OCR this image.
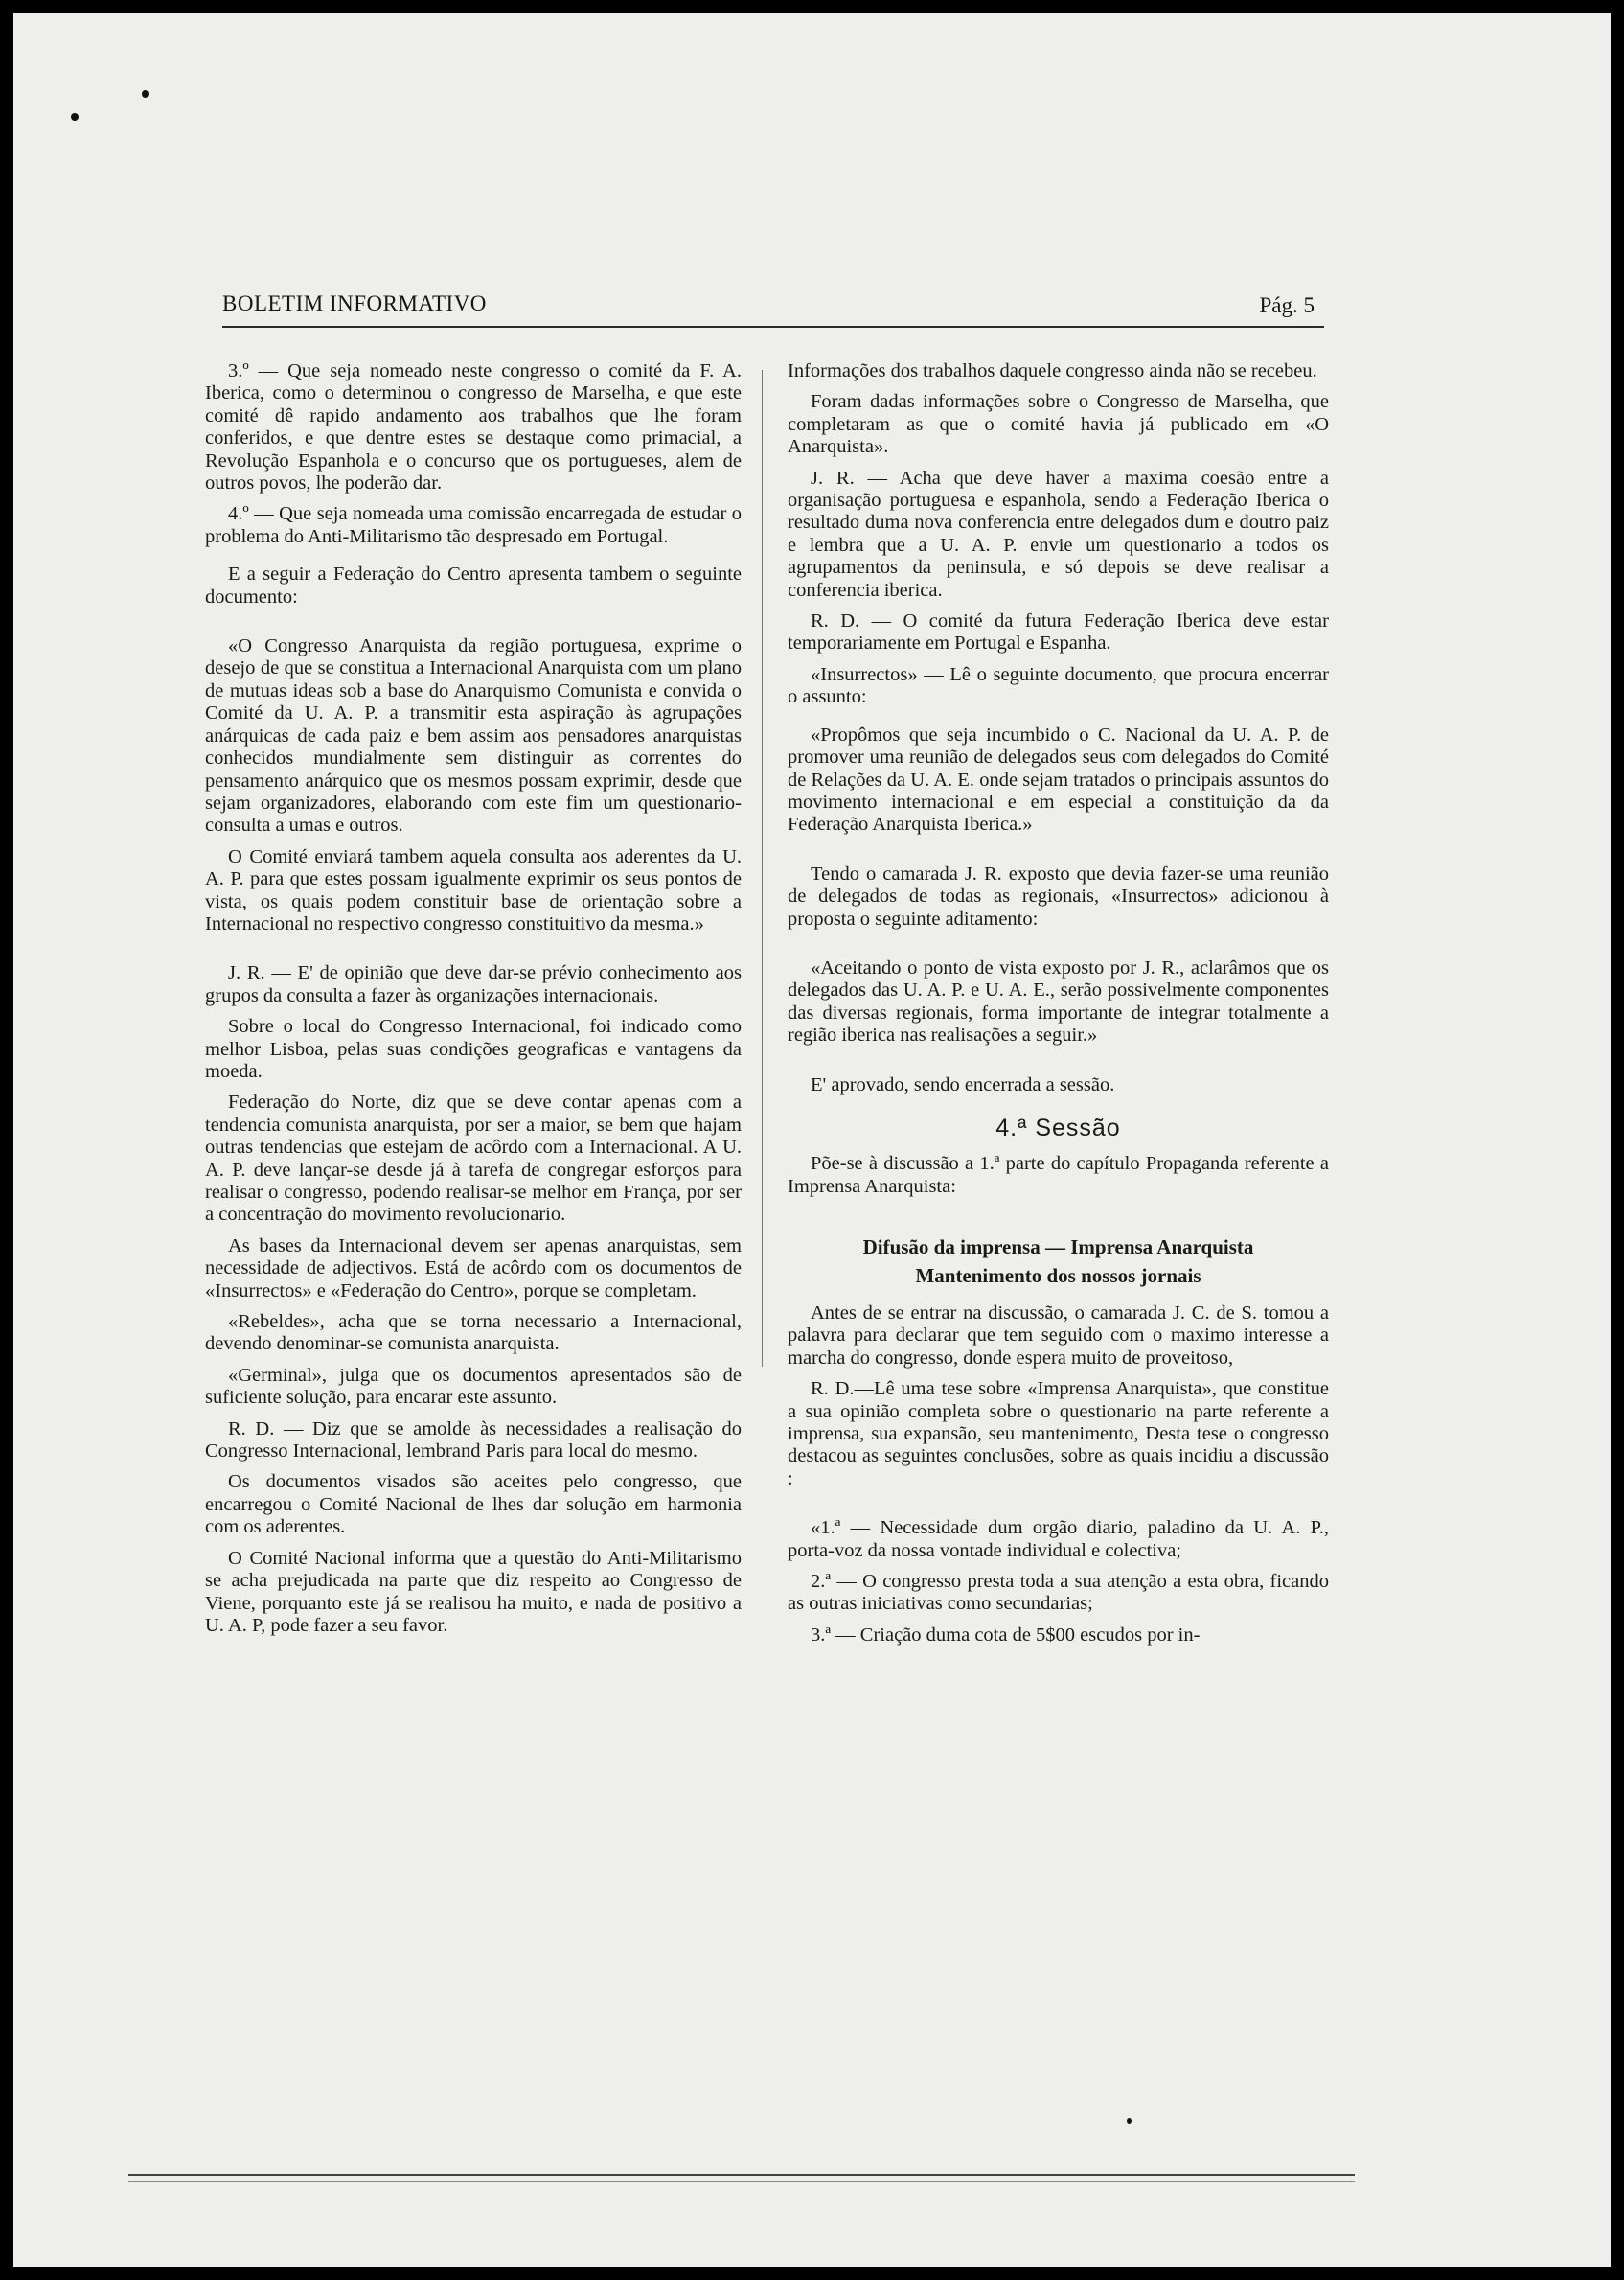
BOLETIM INFORMATIVO	Pág. 5

3.º — Que seja nomeado neste congresso o comité da F. A. Iberica, como o determinou o congresso de Marselha, e que este comité dê rapido andamento aos trabalhos que lhe foram conferidos, e que dentre estes se destaque como primacial, a Revolução Espanhola e o concurso que os portugueses, alem de outros povos, lhe poderão dar.

4.º — Que seja nomeada uma comissão encarregada de estudar o problema do Anti-Militarismo tão despresado em Portugal.

E a seguir a Federação do Centro apresenta tambem o seguinte documento:

«O Congresso Anarquista da região portuguesa, exprime o desejo de que se constitua a Internacional Anarquista com um plano de mutuas ideas sob a base do Anarquismo Comunista e convida o Comité da U. A. P. a transmitir esta aspiração às agrupações anárquicas de cada paiz e bem assim aos pensadores anarquistas conhecidos mundialmente sem distinguir as correntes do pensamento anárquico que os mesmos possam exprimir, desde que sejam organizadores, elaborando com este fim um questionario-consulta a umas e outros.

O Comité enviará tambem aquela consulta aos aderentes da U. A. P. para que estes possam igualmente exprimir os seus pontos de vista, os quais podem constituir base de orientação sobre a Internacional no respectivo congresso constituitivo da mesma.»

J. R. — E' de opinião que deve dar-se prévio conhecimento aos grupos da consulta a fazer às organizações internacionais.

Sobre o local do Congresso Internacional, foi indicado como melhor Lisboa, pelas suas condições geograficas e vantagens da moeda.

Federação do Norte, diz que se deve contar apenas com a tendencia comunista anarquista, por ser a maior, se bem que hajam outras tendencias que estejam de acôrdo com a Internacional. A U. A. P. deve lançar-se desde já à tarefa de congregar esforços para realisar o congresso, podendo realisar-se melhor em França, por ser a concentração do movimento revolucionario.

As bases da Internacional devem ser apenas anarquistas, sem necessidade de adjectivos. Está de acôrdo com os documentos de «Insurrectos» e «Federação do Centro», porque se completam.

«Rebeldes», acha que se torna necessario a Internacional, devendo denominar-se comunista anarquista.

«Germinal», julga que os documentos apresentados são de suficiente solução, para encarar este assunto.

R. D. — Diz que se amolde às necessidades a realisação do Congresso Internacional, lembrand Paris para local do mesmo.

Os documentos visados são aceites pelo congresso, que encarregou o Comité Nacional de lhes dar solução em harmonia com os aderentes.

O Comité Nacional informa que a questão do Anti-Militarismo se acha prejudicada na parte que diz respeito ao Congresso de Viene, porquanto este já se realisou ha muito, e nada de positivo a U. A. P, pode fazer a seu favor.

Informações dos trabalhos daquele congresso ainda não se recebeu.

Foram dadas informações sobre o Congresso de Marselha, que completaram as que o comité havia já publicado em «O Anarquista».

J. R. — Acha que deve haver a maxima coesão entre a organisação portuguesa e espanhola, sendo a Federação Iberica o resultado duma nova conferencia entre delegados dum e doutro paiz e lembra que a U. A. P. envie um questionario a todos os agrupamentos da peninsula, e só depois se deve realisar a conferencia iberica.

R. D. — O comité da futura Federação Iberica deve estar temporariamente em Portugal e Espanha.

«Insurrectos» — Lê o seguinte documento, que procura encerrar o assunto:

«Propômos que seja incumbido o C. Nacional da U. A. P. de promover uma reunião de delegados seus com delegados do Comité de Relações da U. A. E. onde sejam tratados o principais assuntos do movimento internacional e em especial a constituição da da Federação Anarquista Iberica.»

Tendo o camarada J. R. exposto que devia fazer-se uma reunião de delegados de todas as regionais, «Insurrectos» adicionou à proposta o seguinte aditamento:

«Aceitando o ponto de vista exposto por J. R., aclarâmos que os delegados das U. A. P. e U. A. E., serão possivelmente componentes das diversas regionais, forma importante de integrar totalmente a região iberica nas realisações a seguir.»

E' aprovado, sendo encerrada a sessão.

4.ª Sessão

Põe-se à discussão a 1.ª parte do capítulo Propaganda referente a Imprensa Anarquista:

Difusão da imprensa — Imprensa Anarquista
Mantenimento dos nossos jornais

Antes de se entrar na discussão, o camarada J. C. de S. tomou a palavra para declarar que tem seguido com o maximo interesse a marcha do congresso, donde espera muito de proveitoso,

R. D.—Lê uma tese sobre «Imprensa Anarquista», que constitue a sua opinião completa sobre o questionario na parte referente a imprensa, sua expansão, seu mantenimento, Desta tese o congresso destacou as seguintes conclusões, sobre as quais incidiu a discussão :

«1.ª — Necessidade dum orgão diario, paladino da U. A. P., porta-voz da nossa vontade individual e colectiva;

2.ª — O congresso presta toda a sua atenção a esta obra, ficando as outras iniciativas como secundarias;

3.ª — Criação duma cota de 5$00 escudos por in-
